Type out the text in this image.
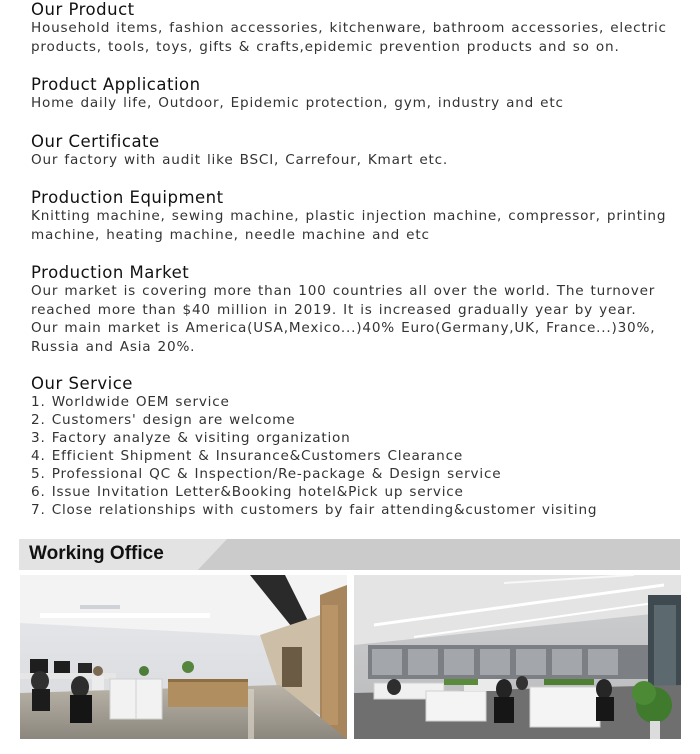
Our Product
Household items, fashion accessories, kitchenware, bathroom accessories, electric
products, tools, toys, gifts & crafts,epidemic prevention products and so on.
Product Application
Home daily life, Outdoor, Epidemic protection, gym, industry and etc
Our Certificate
Our factory with audit like BSCI, Carrefour, Kmart etc.
Production Equipment
Knitting machine, sewing machine, plastic injection machine, compressor, printing
machine, heating machine, needle machine and etc
Production Market
Our market is covering more than 100 countries all over the world. The turnover
reached more than $40 million in 2019. It is increased gradually year by year.
Our main market is America(USA,Mexico...)40% Euro(Germany,UK, France...)30%,
Russia and Asia 20%.
Our Service
1. Worldwide OEM service
2. Customers' design are welcome
3. Factory analyze & visiting organization
4. Efficient Shipment & Insurance&Customers Clearance
5. Professional QC & Inspection/Re-package & Design service
6. Issue Invitation Letter&Booking hotel&Pick up service
7. Close relationships with customers by fair attending&customer visiting
Working Office
